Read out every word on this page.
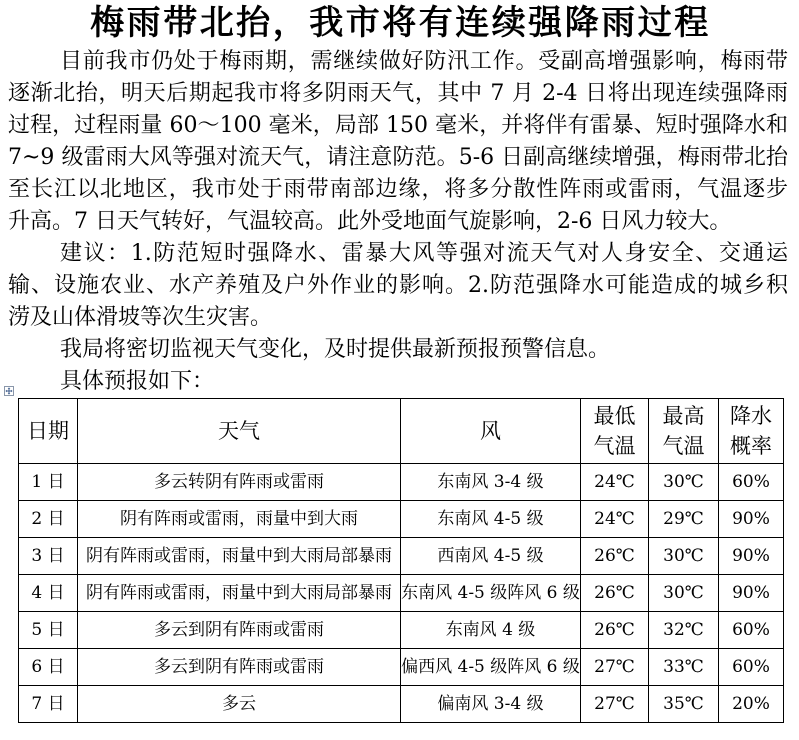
梅雨带北抬，我市将有连续强降雨过程
目前我市仍处于梅雨期，需继续做好防汛工作。受副高增强影响，梅雨带
逐渐北抬，明天后期起我市将多阴雨天气，其中 7 月 2-4 日将出现连续强降雨
过程，过程雨量 60～100 毫米，局部 150 毫米，并将伴有雷暴、短时强降水和
7~9 级雷雨大风等强对流天气，请注意防范。5-6 日副高继续增强，梅雨带北抬
至长江以北地区，我市处于雨带南部边缘，将多分散性阵雨或雷雨，气温逐步
升高。7 日天气转好，气温较高。此外受地面气旋影响，2-6 日风力较大。
建议：1.防范短时强降水、雷暴大风等强对流天气对人身安全、交通运
输、设施农业、水产养殖及户外作业的影响。2.防范强降水可能造成的城乡积
涝及山体滑坡等次生灾害。
我局将密切监视天气变化，及时提供最新预报预警信息。
具体预报如下：
日期	天气	风	最低气温	最高气温	降水概率
1 日	多云转阴有阵雨或雷雨	东南风 3-4 级	24℃	30℃	60%
2 日	阴有阵雨或雷雨，雨量中到大雨	东南风 4-5 级	24℃	29℃	90%
3 日	阴有阵雨或雷雨，雨量中到大雨局部暴雨	西南风 4-5 级	26℃	30℃	90%
4 日	阴有阵雨或雷雨，雨量中到大雨局部暴雨	东南风 4-5 级阵风 6 级	26℃	30℃	90%
5 日	多云到阴有阵雨或雷雨	东南风 4 级	26℃	32℃	60%
6 日	多云到阴有阵雨或雷雨	偏西风 4-5 级阵风 6 级	27℃	33℃	60%
7 日	多云	偏南风 3-4 级	27℃	35℃	20%
